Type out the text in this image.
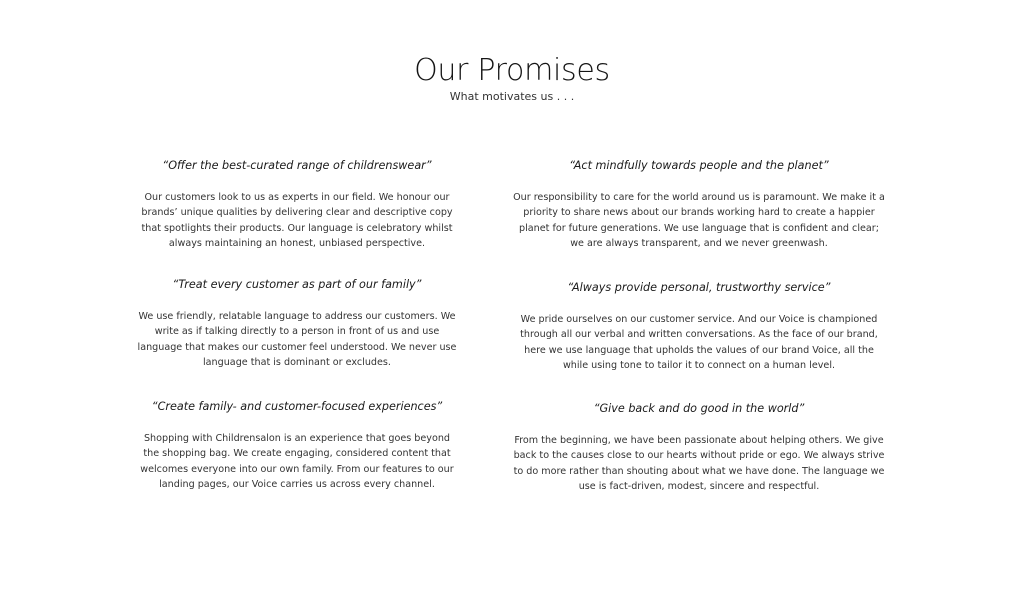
Our Promises
What motivates us . . .

“Offer the best-curated range of childrenswear”

Our customers look to us as experts in our field. We honour our brands’ unique qualities by delivering clear and descriptive copy that spotlights their products. Our language is celebratory whilst always maintaining an honest, unbiased perspective.

“Treat every customer as part of our family”

We use friendly, relatable language to address our customers. We write as if talking directly to a person in front of us and use language that makes our customer feel understood. We never use language that is dominant or excludes.

“Create family- and customer-focused experiences”

Shopping with Childrensalon is an experience that goes beyond the shopping bag. We create engaging, considered content that welcomes everyone into our own family. From our features to our landing pages, our Voice carries us across every channel.

“Act mindfully towards people and the planet”

Our responsibility to care for the world around us is paramount. We make it a priority to share news about our brands working hard to create a happier planet for future generations. We use language that is confident and clear; we are always transparent, and we never greenwash.

“Always provide personal, trustworthy service”

We pride ourselves on our customer service. And our Voice is championed through all our verbal and written conversations. As the face of our brand, here we use language that upholds the values of our brand Voice, all the while using tone to tailor it to connect on a human level.

“Give back and do good in the world”

From the beginning, we have been passionate about helping others. We give back to the causes close to our hearts without pride or ego. We always strive to do more rather than shouting about what we have done. The language we use is fact-driven, modest, sincere and respectful.
